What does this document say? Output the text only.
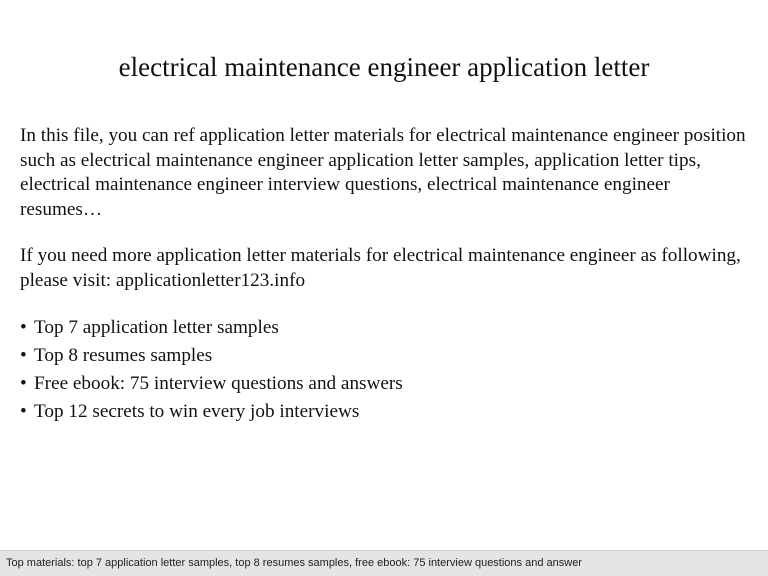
electrical maintenance engineer application letter

In this file, you can ref application letter materials for electrical maintenance engineer position such as electrical maintenance engineer application letter samples, application letter tips, electrical maintenance engineer interview questions, electrical maintenance engineer resumes…

If you need more application letter materials for electrical maintenance engineer as following, please visit: applicationletter123.info

• Top 7 application letter samples
• Top 8 resumes samples
• Free ebook: 75 interview questions and answers
• Top 12 secrets to win every job interviews
Top materials: top 7 application letter samples, top 8 resumes samples, free ebook: 75 interview questions and answer
